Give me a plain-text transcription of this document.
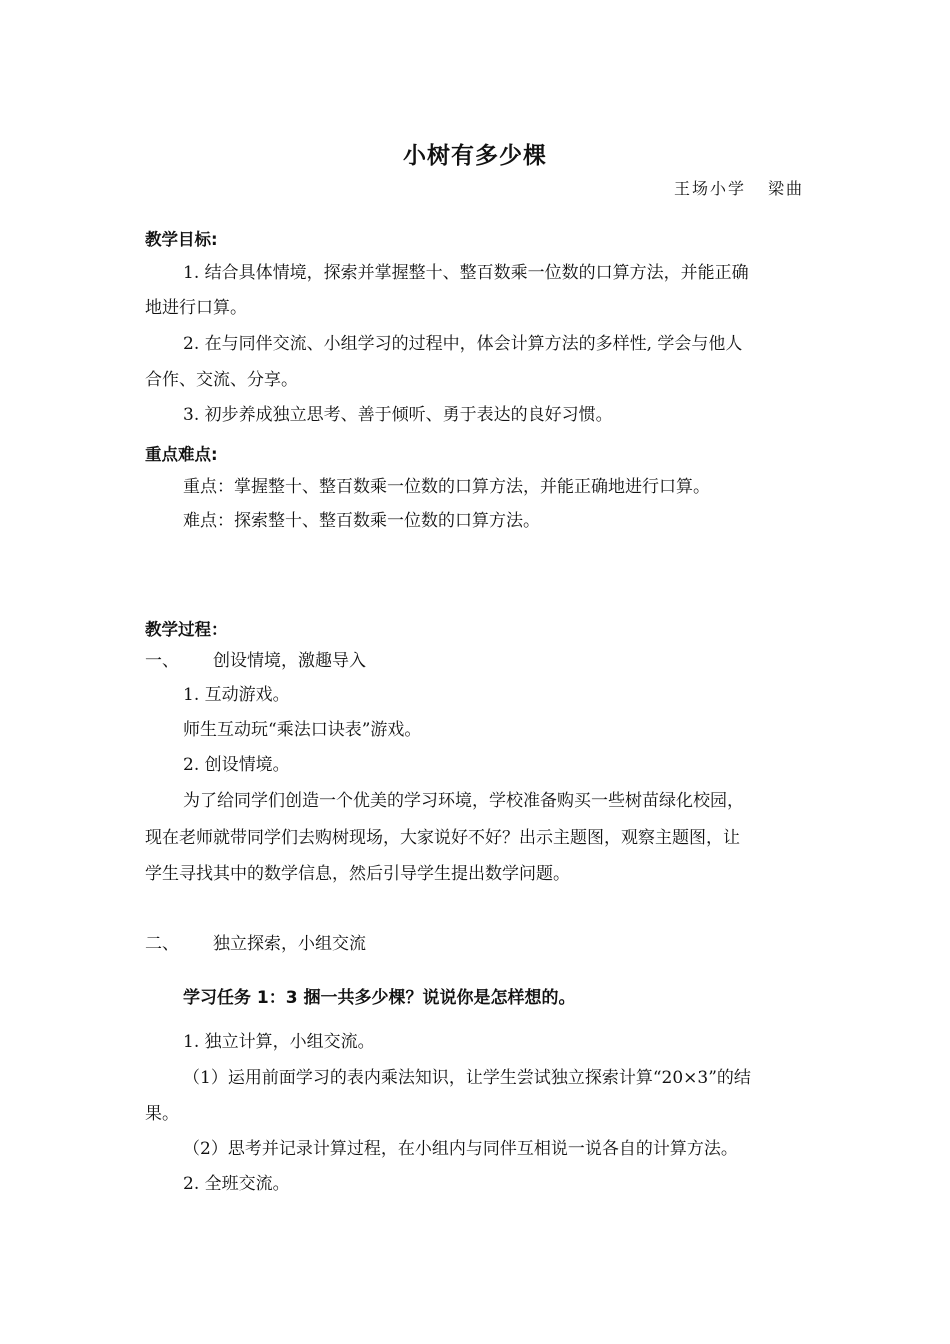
小树有多少棵
王场小学 梁曲
教学目标:
1. 结合具体情境，探索并掌握整十、整百数乘一位数的口算方法，并能正确
地进行口算。
2. 在与同伴交流、小组学习的过程中，体会计算方法的多样性, 学会与他人
合作、交流、分享。
3. 初步养成独立思考、善于倾听、勇于表达的良好习惯。
重点难点:
重点：掌握整十、整百数乘一位数的口算方法，并能正确地进行口算。
难点：探索整十、整百数乘一位数的口算方法。
教学过程：
一、 创设情境，激趣导入
1. 互动游戏。
师生互动玩“乘法口诀表”游戏。
2. 创设情境。
为了给同学们创造一个优美的学习环境，学校准备购买一些树苗绿化校园，
现在老师就带同学们去购树现场，大家说好不好？出示主题图，观察主题图，让
学生寻找其中的数学信息，然后引导学生提出数学问题。
二、 独立探索，小组交流
学习任务 1：3 捆一共多少棵？说说你是怎样想的。
1. 独立计算，小组交流。
（1）运用前面学习的表内乘法知识，让学生尝试独立探索计算“20×3”的结
果。
（2）思考并记录计算过程，在小组内与同伴互相说一说各自的计算方法。
2. 全班交流。
